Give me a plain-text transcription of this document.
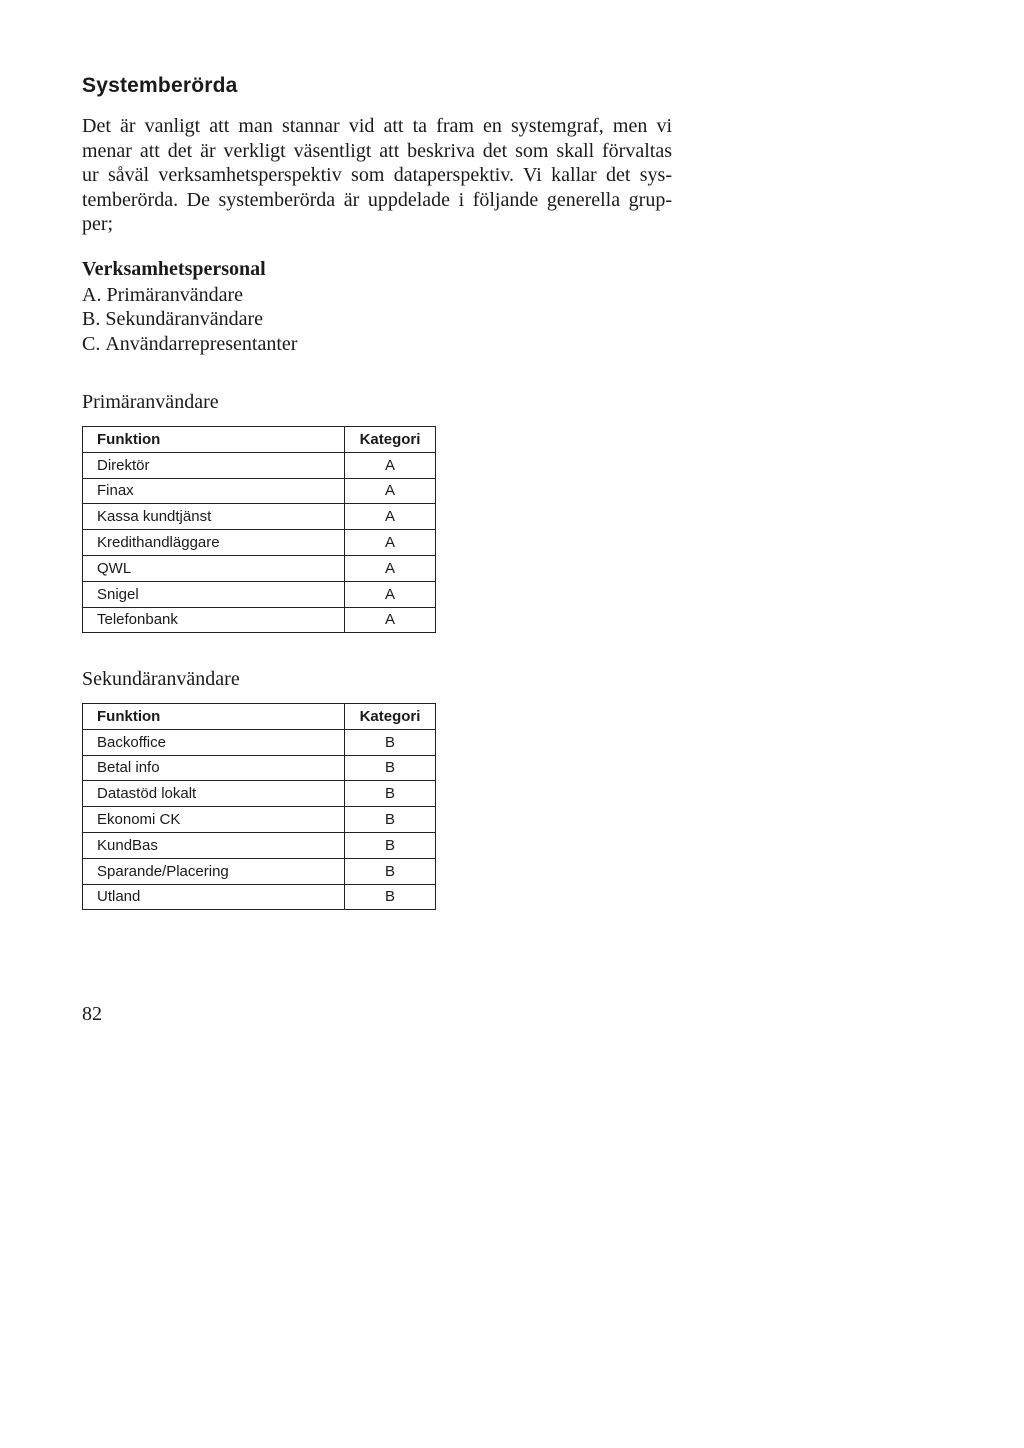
Systemberörda

Det är vanligt att man stannar vid att ta fram en systemgraf, men vi
menar att det är verkligt väsentligt att beskriva det som skall förvaltas
ur såväl verksamhetsperspektiv som dataperspektiv. Vi kallar det sys-
temberörda. De systemberörda är uppdelade i följande generella grup-
per;

Verksamhetspersonal
A. Primäranvändare
B. Sekundäranvändare
C. Användarrepresentanter
Primäranvändare
Funktion	Kategori
Direktör	A
Finax	A
Kassa kundtjänst	A
Kredithandläggare	A
QWL	A
Snigel	A
Telefonbank	A
Sekundäranvändare
Funktion	Kategori
Backoffice	B
Betal info	B
Datastöd lokalt	B
Ekonomi CK	B
KundBas	B
Sparande/Placering	B
Utland	B

82
